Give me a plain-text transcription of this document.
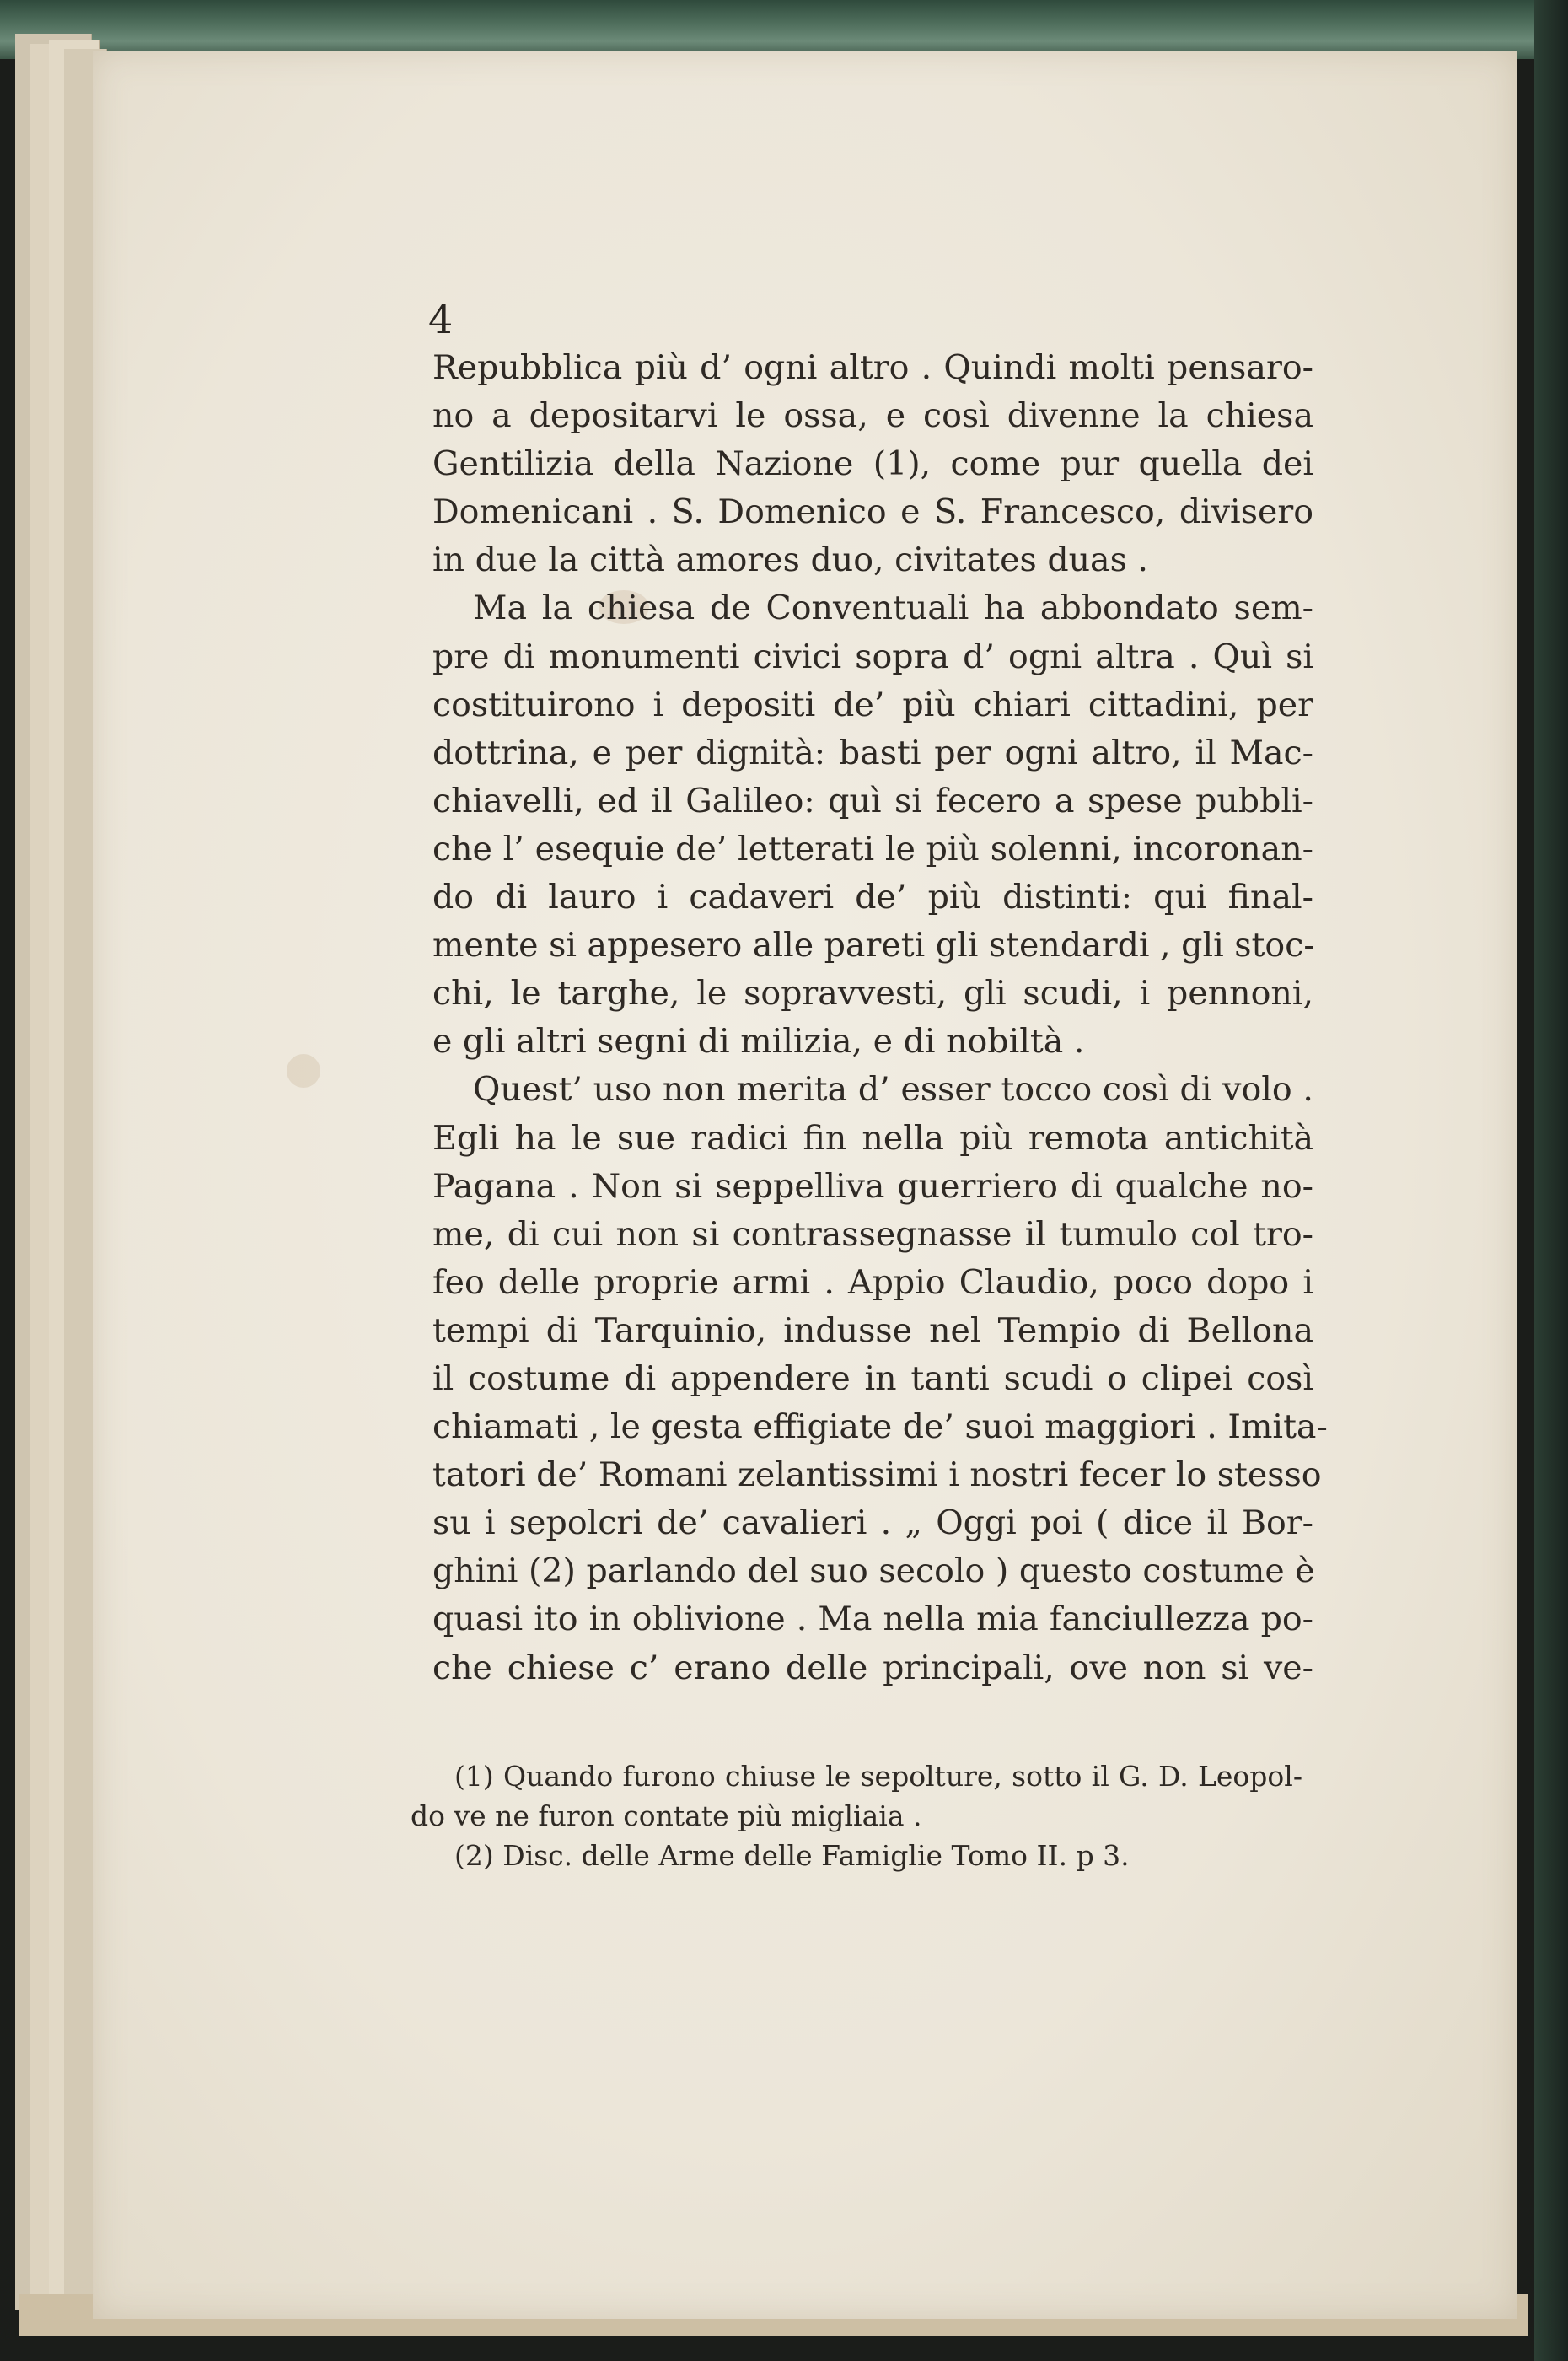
4

Repubblica più d’ ogni altro . Quindi molti pensaro-
no a depositarvi le ossa, e così divenne la chiesa
Gentilizia della Nazione (1), come pur quella dei
Domenicani . S. Domenico e S. Francesco, divisero
in due la città amores duo, civitates duas .
Ma la chiesa de Conventuali ha abbondato sem-
pre di monumenti civici sopra d’ ogni altra . Quì si
costituirono i depositi de’ più chiari cittadini, per
dottrina, e per dignità: basti per ogni altro, il Mac-
chiavelli, ed il Galileo: quì si fecero a spese pubbli-
che l’ esequie de’ letterati le più solenni, incoronan-
do di lauro i cadaveri de’ più distinti: qui final-
mente si appesero alle pareti gli stendardi , gli stoc-
chi, le targhe, le sopravvesti, gli scudi, i pennoni,
e gli altri segni di milizia, e di nobiltà .
Quest’ uso non merita d’ esser tocco così di volo .
Egli ha le sue radici fin nella più remota antichità
Pagana . Non si seppelliva guerriero di qualche no-
me, di cui non si contrassegnasse il tumulo col tro-
feo delle proprie armi . Appio Claudio, poco dopo i
tempi di Tarquinio, indusse nel Tempio di Bellona
il costume di appendere in tanti scudi o clipei così
chiamati , le gesta effigiate de’ suoi maggiori . Imita-
tatori de’ Romani zelantissimi i nostri fecer lo stesso
su i sepolcri de’ cavalieri . „ Oggi poi ( dice il Bor-
ghini (2) parlando del suo secolo ) questo costume è
quasi ito in oblivione . Ma nella mia fanciullezza po-
che chiese c’ erano delle principali, ove non si ve-
(1) Quando furono chiuse le sepolture, sotto il G. D. Leopol-
do ve ne furon contate più migliaia .
(2) Disc. delle Arme delle Famiglie Tomo II. p 3.
